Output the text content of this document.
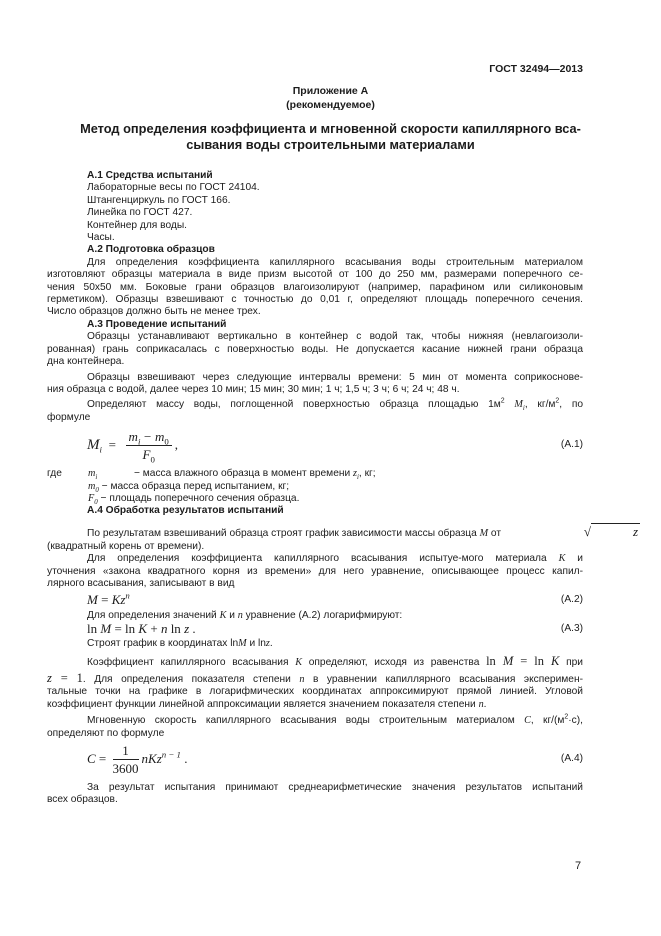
ГОСТ 32494—2013
Приложение А
(рекомендуемое)
Метод определения коэффициента и мгновенной скорости капиллярного вса-
сывания воды строительными материалами
А.1 Средства испытаний
Лабораторные весы по ГОСТ 24104.
Штангенциркуль по ГОСТ 166.
Линейка по ГОСТ 427.
Контейнер для воды.
Часы.
А.2 Подготовка образцов
Для определения коэффициента капиллярного всасывания воды строительным материалом
изготовляют образцы материала в виде призм высотой от 100 до 250 мм, размерами поперечного се-
чения 50х50 мм. Боковые грани образцов влагоизолируют (например, парафином или силиконовым
герметиком). Образцы взвешивают с точностью до 0,01 г, определяют площадь поперечного сечения.
Число образцов должно быть не менее трех.
А.3 Проведение испытаний
Образцы устанавливают вертикально в контейнер с водой так, чтобы нижняя (невлагоизоли-
рованная) грань соприкасалась с поверхностью воды. Не допускается касание нижней грани образца
дна контейнера.
Образцы взвешивают через следующие интервалы времени: 5 мин от момента соприкоснове-
ния образца с водой, далее через 10 мин; 15 мин; 30 мин; 1 ч; 1,5 ч; 3 ч; 6 ч; 24 ч; 48 ч.
Определяют массу воды, поглощенной поверхностью образца площадью $1м^2$ $M_i$, $кг/м^2$, по
формуле
$M_i = \frac{m_i - m_0}{F_0}$ ,	(А.1)
где	$m_i$	− масса влажного образца в момент времени $z_i$, кг;
$m_0$ − масса образца перед испытанием, кг;
$F_0$ − площадь поперечного сечения образца.
А.4 Обработка результатов испытаний
По результатам взвешиваний образца строят график зависимости массы образца M от	√	z
(квадратный корень от времени).
Для определения коэффициента капиллярного всасывания испытуе-мого материала K и
уточнения «закона квадратного корня из времени» для него уравнение, описывающее процесс капил-
лярного всасывания, записывают в вид
$M = Kz^n$	(А.2)
Для определения значений K и n уравнение (А.2) логарифмируют:
ln M = ln K + n ln z .	(А.3)
Строят график в координатах lnM и lnz.
Коэффициент капиллярного всасывания K определяют, исходя из равенства ln M = ln K при
z = 1. Для определения показателя степени n в уравнении капиллярного всасывания эксперимен-
тальные точки на графике в логарифмических координатах аппроксимируют прямой линией. Угловой
коэффициент функции линейной аппроксимации является значением показателя степени n.
Мгновенную скорость капиллярного всасывания воды строительным материалом С, $кг/(м^2\cdot с)$,
определяют по формуле
$C = \frac{1}{3600} nKz^{n - 1}$ .	(А.4)
За результат испытания принимают среднеарифметические значения результатов испытаний
всех образцов.
7
